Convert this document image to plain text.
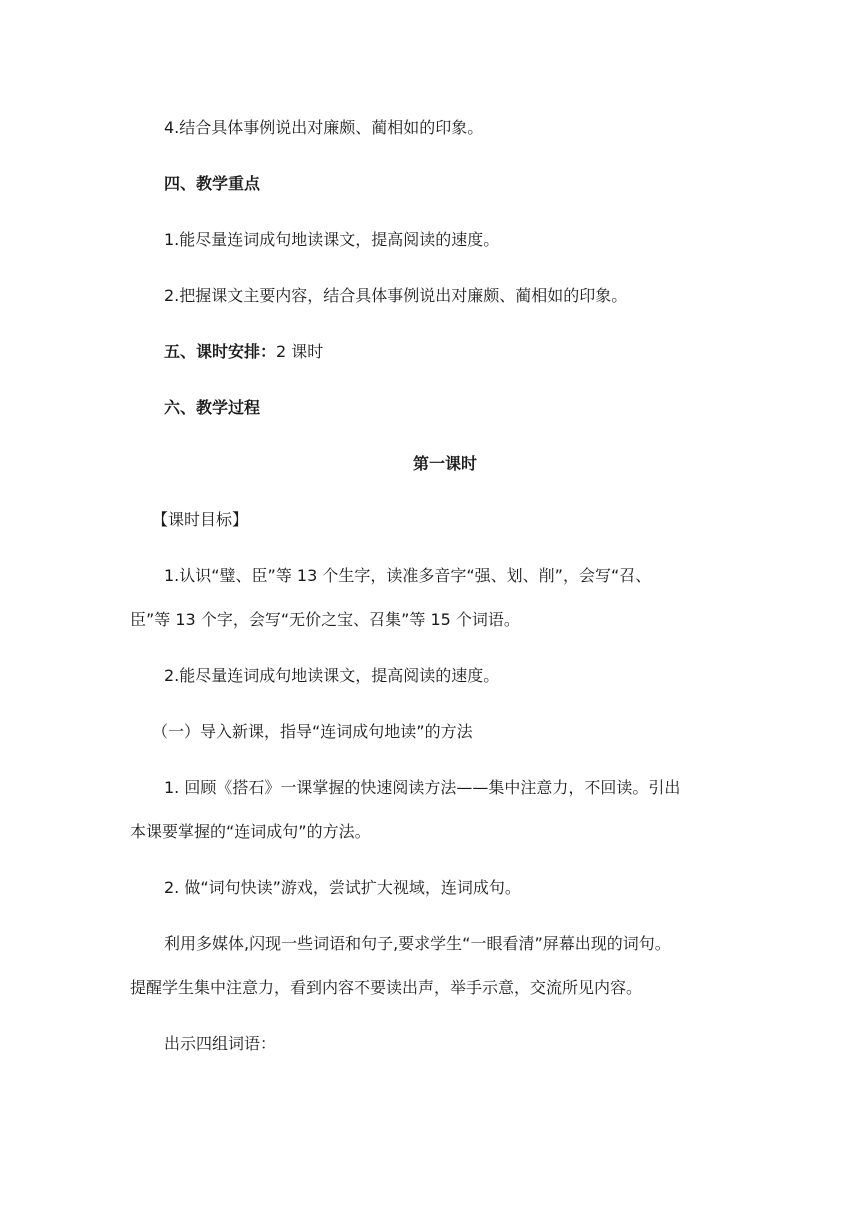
4.结合具体事例说出对廉颇、蔺相如的印象。
四、教学重点
1.能尽量连词成句地读课文，提高阅读的速度。
2.把握课文主要内容，结合具体事例说出对廉颇、蔺相如的印象。
五、课时安排：2 课时
六、教学过程
第一课时
【课时目标】
1.认识“璧、臣”等 13 个生字，读准多音字“强、划、削”，会写“召、
臣”等 13 个字，会写“无价之宝、召集”等 15 个词语。
2.能尽量连词成句地读课文，提高阅读的速度。
（一）导入新课，指导“连词成句地读”的方法
1. 回顾《搭石》一课掌握的快速阅读方法——集中注意力，不回读。引出
本课要掌握的“连词成句”的方法。
2. 做“词句快读”游戏，尝试扩大视域，连词成句。
利用多媒体,闪现一些词语和句子,要求学生“一眼看清”屏幕出现的词句。
提醒学生集中注意力，看到内容不要读出声，举手示意，交流所见内容。
出示四组词语：
